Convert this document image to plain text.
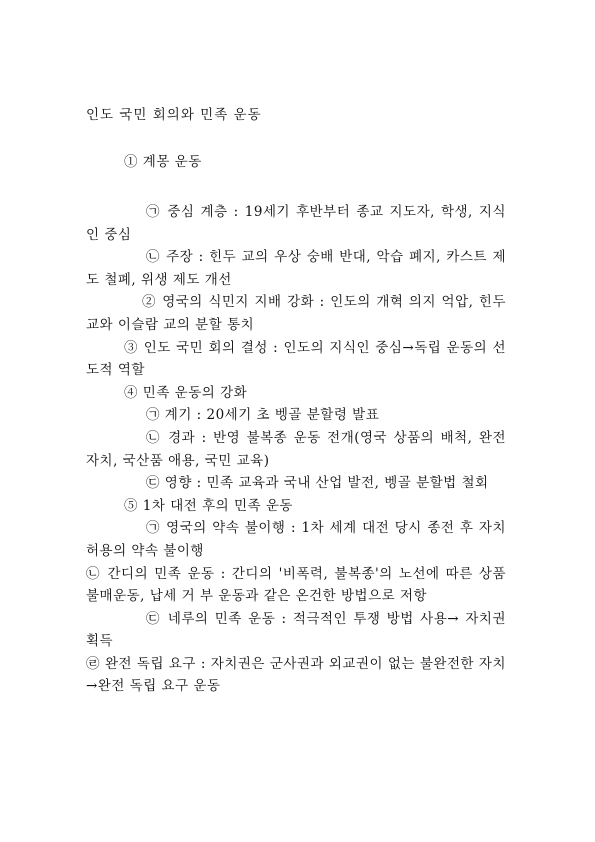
인도 국민 회의와 민족 운동

① 계몽 운동

㉠ 중심 계층 : 19세기 후반부터 종교 지도자, 학생, 지식인 중심

㉡ 주장 : 힌두 교의 우상 숭배 반대, 악습 폐지, 카스트 제도 철폐, 위생 제도 개선

② 영국의 식민지 지배 강화 : 인도의 개혁 의지 억압, 힌두 교와 이슬람 교의 분할 통치

③ 인도 국민 회의 결성 : 인도의 지식인 중심→독립 운동의 선도적 역할

④ 민족 운동의 강화

㉠ 계기 : 20세기 초 벵골 분할령 발표

㉡ 경과 : 반영 불복종 운동 전개(영국 상품의 배척, 완전 자치, 국산품 애용, 국민 교육)

㉢ 영향 : 민족 교육과 국내 산업 발전, 벵골 분할법 철회

⑤ 1차 대전 후의 민족 운동

㉠ 영국의 약속 불이행 : 1차 세계 대전 당시 종전 후 자치 허용의 약속 불이행

㉡ 간디의 민족 운동 : 간디의 '비폭력, 불복종'의 노선에 따른 상품 불매운동, 납세 거 부 운동과 같은 온건한 방법으로 저항

㉢ 네루의 민족 운동 : 적극적인 투쟁 방법 사용→ 자치권 획득

㉣ 완전 독립 요구 : 자치권은 군사권과 외교권이 없는 불완전한 자치→완전 독립 요구 운동
